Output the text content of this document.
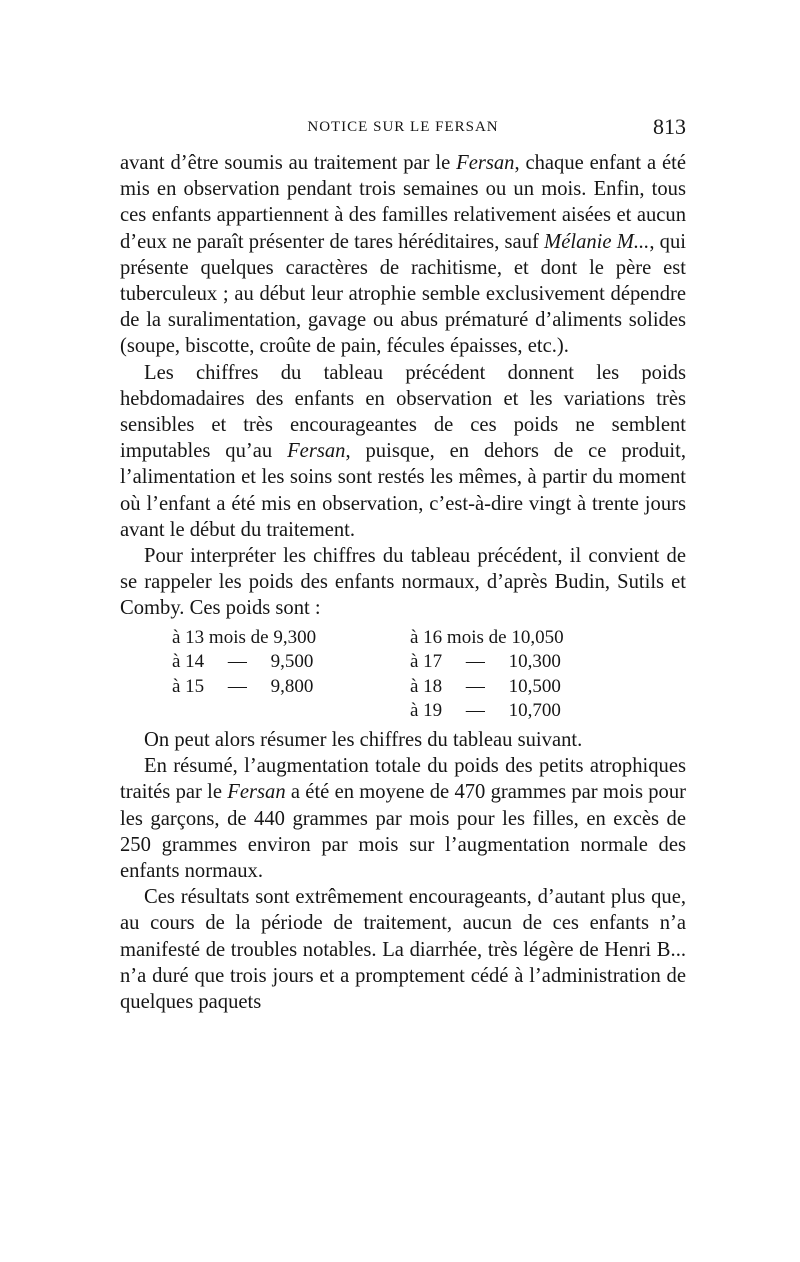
NOTICE SUR LE FERSAN	813

avant d’être soumis au traitement par le Fersan, chaque enfant a été mis en observation pendant trois semaines ou un mois. Enfin, tous ces enfants appartiennent à des familles relativement aisées et aucun d’eux ne paraît présenter de tares héréditaires, sauf Mélanie M..., qui présente quelques caractères de rachitisme, et dont le père est tuberculeux ; au début leur atrophie semble exclusivement dépendre de la suralimentation, gavage ou abus prématuré d’aliments solides (soupe, biscotte, croûte de pain, fécules épaisses, etc.).

Les chiffres du tableau précédent donnent les poids hebdomadaires des enfants en observation et les variations très sensibles et très encourageantes de ces poids ne semblent imputables qu’au Fersan, puisque, en dehors de ce produit, l’alimentation et les soins sont restés les mêmes, à partir du moment où l’enfant a été mis en observation, c’est-à-dire vingt à trente jours avant le début du traitement.

Pour interpréter les chiffres du tableau précédent, il convient de se rappeler les poids des enfants normaux, d’après Budin, Sutils et Comby. Ces poids sont :

à 13 mois de 9,300	à 16 mois de 10,050
à 14     —     9,500	à 17     —     10,300
à 15     —     9,800	à 18     —     10,500
à 19     —     10,700

On peut alors résumer les chiffres du tableau suivant.

En résumé, l’augmentation totale du poids des petits atrophiques traités par le Fersan a été en moyene de 470 grammes par mois pour les garçons, de 440 grammes par mois pour les filles, en excès de 250 grammes environ par mois sur l’augmentation normale des enfants normaux.

Ces résultats sont extrêmement encourageants, d’autant plus que, au cours de la période de traitement, aucun de ces enfants n’a manifesté de troubles notables. La diarrhée, très légère de Henri B... n’a duré que trois jours et a promptement cédé à l’administration de quelques paquets
